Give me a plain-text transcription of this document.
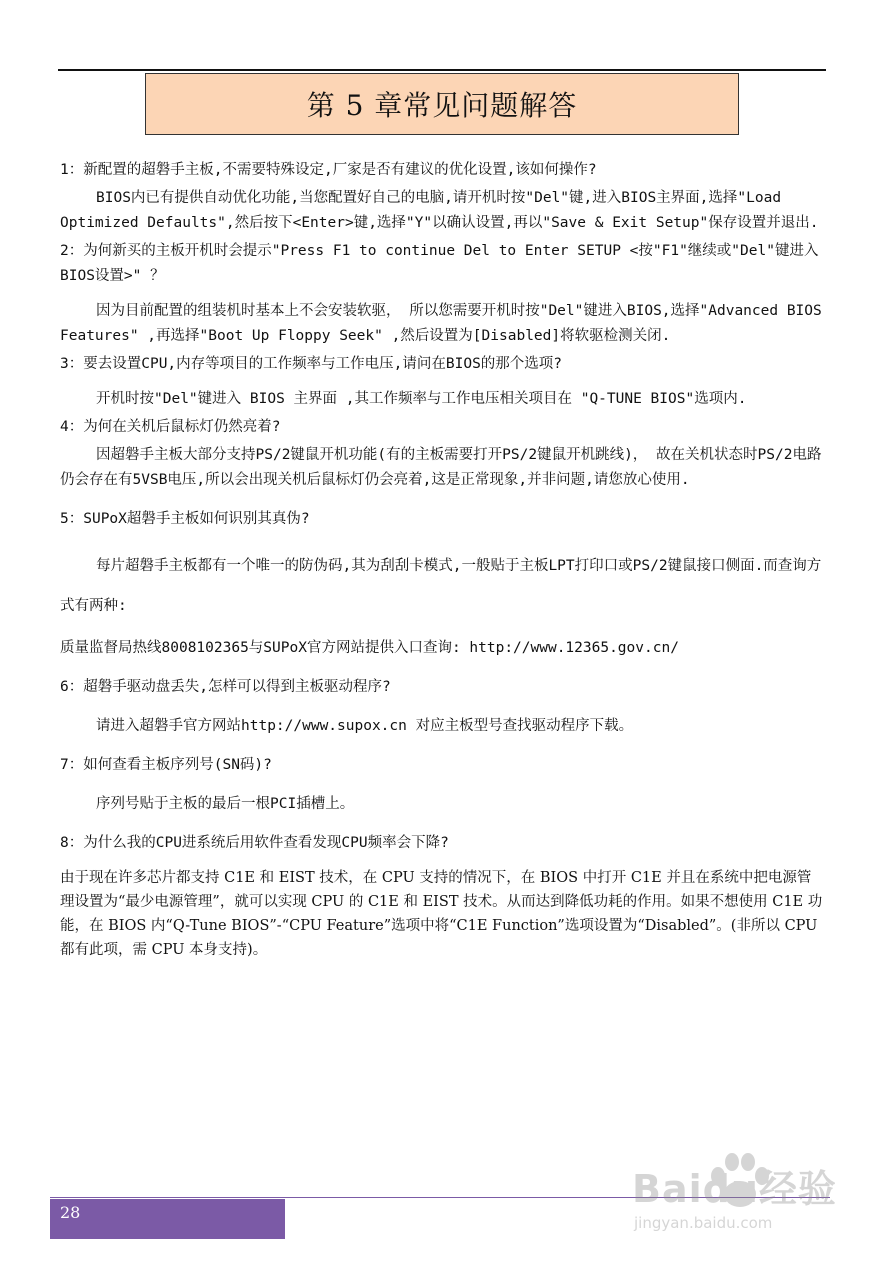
第 5 章常见问题解答

1：新配置的超磐手主板,不需要特殊设定,厂家是否有建议的优化设置,该如何操作?

BIOS内已有提供自动优化功能,当您配置好自己的电脑,请开机时按"Del"键,进入BIOS主界面,选择"Load Optimized Defaults",然后按下<Enter>键,选择"Y"以确认设置,再以"Save & Exit Setup"保存设置并退出.

2：为何新买的主板开机时会提示"Press F1 to continue Del to Enter SETUP <按"F1"继续或"Del"键进入BIOS设置>" ？

因为目前配置的组装机时基本上不会安装软驱， 所以您需要开机时按"Del"键进入BIOS,选择"Advanced BIOS Features" ,再选择"Boot Up Floppy Seek" ,然后设置为[Disabled]将软驱检测关闭.

3：要去设置CPU,内存等项目的工作频率与工作电压,请问在BIOS的那个选项?

开机时按"Del"键进入 BIOS 主界面 ,其工作频率与工作电压相关项目在 "Q-TUNE BIOS"选项内.

4：为何在关机后鼠标灯仍然亮着?

因超磐手主板大部分支持PS/2键鼠开机功能(有的主板需要打开PS/2键鼠开机跳线)， 故在关机状态时PS/2电路仍会存在有5VSB电压,所以会出现关机后鼠标灯仍会亮着,这是正常现象,并非问题,请您放心使用.

5：SUPoX超磐手主板如何识别其真伪?

每片超磐手主板都有一个唯一的防伪码,其为刮刮卡模式,一般贴于主板LPT打印口或PS/2键鼠接口侧面.而查询方式有两种:

质量监督局热线8008102365与SUPoX官方网站提供入口查询: http://www.12365.gov.cn/

6：超磐手驱动盘丢失,怎样可以得到主板驱动程序?

请进入超磐手官方网站http://www.supox.cn 对应主板型号查找驱动程序下载。

7：如何查看主板序列号(SN码)?

序列号贴于主板的最后一根PCI插槽上。

8：为什么我的CPU进系统后用软件查看发现CPU频率会下降?

由于现在许多芯片都支持 C1E 和 EIST 技术，在 CPU 支持的情况下，在 BIOS 中打开 C1E 并且在系统中把电源管理设置为“最少电源管理”，就可以实现 CPU 的 C1E 和 EIST 技术。从而达到降低功耗的作用。如果不想使用 C1E 功能，在 BIOS 内“Q-Tune BIOS”-“CPU Feature”选项中将“C1E Function”选项设置为“Disabled”。(非所以 CPU 都有此项，需 CPU 本身支持)。

28
Baidu经验
jingyan.baidu.com
